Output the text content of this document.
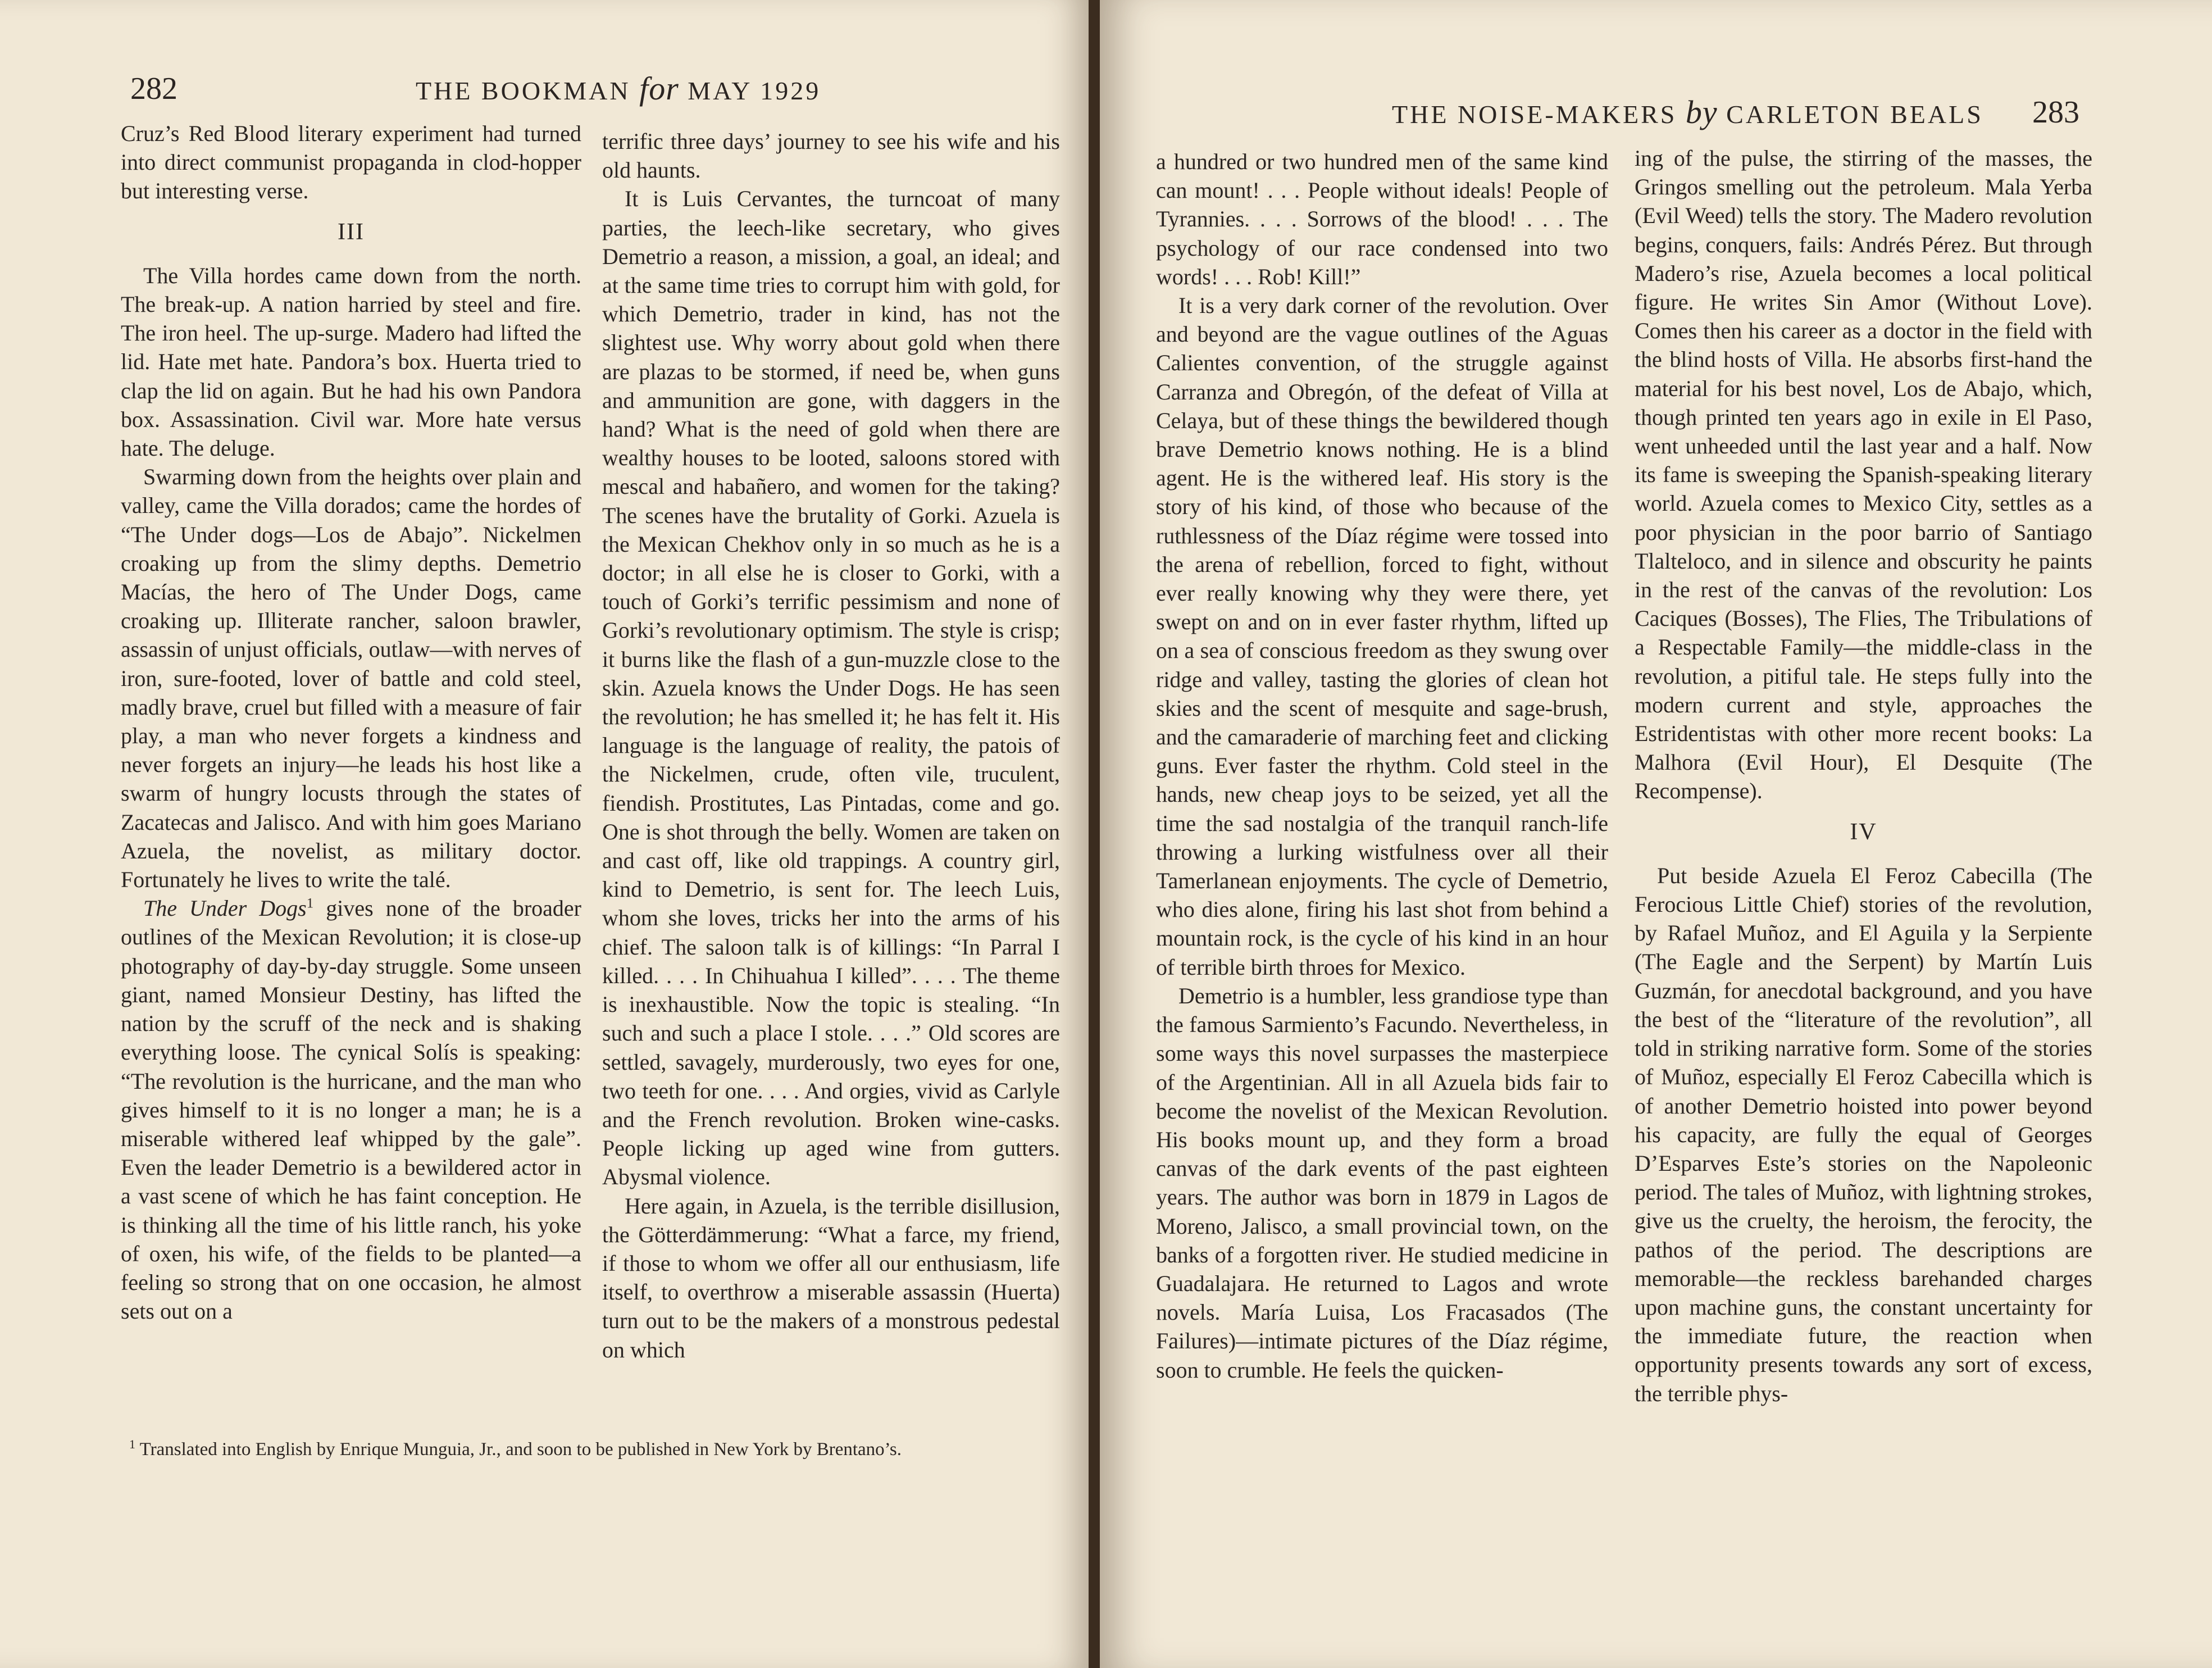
282	THE BOOKMAN for MAY 1929

Cruz’s Red Blood literary experiment had turned into direct communist propaganda in clod-hopper but interesting verse.

III

The Villa hordes came down from the north. The break-up. A nation harried by steel and fire. The iron heel. The up-surge. Madero had lifted the lid. Hate met hate. Pandora’s box. Huerta tried to clap the lid on again. But he had his own Pandora box. Assassination. Civil war. More hate versus hate. The deluge.

Swarming down from the heights over plain and valley, came the Villa dorados; came the hordes of “The Under dogs—Los de Abajo”. Nickelmen croaking up from the slimy depths. Demetrio Macías, the hero of The Under Dogs, came croaking up. Illiterate rancher, saloon brawler, assassin of unjust officials, outlaw—with nerves of iron, sure-footed, lover of battle and cold steel, madly brave, cruel but filled with a measure of fair play, a man who never forgets a kindness and never forgets an injury—he leads his host like a swarm of hungry locusts through the states of Zacatecas and Jalisco. And with him goes Mariano Azuela, the novelist, as military doctor. Fortunately he lives to write the talé.

The Under Dogs$^1$ gives none of the broader outlines of the Mexican Revolution; it is close-up photography of day-by-day struggle. Some unseen giant, named Monsieur Destiny, has lifted the nation by the scruff of the neck and is shaking everything loose. The cynical Solís is speaking: “The revolution is the hurricane, and the man who gives himself to it is no longer a man; he is a miserable withered leaf whipped by the gale”. Even the leader Demetrio is a bewildered actor in a vast scene of which he has faint conception. He is thinking all the time of his little ranch, his yoke of oxen, his wife, of the fields to be planted—a feeling so strong that on one occasion, he almost sets out on a

terrific three days’ journey to see his wife and his old haunts.

It is Luis Cervantes, the turncoat of many parties, the leech-like secretary, who gives Demetrio a reason, a mission, a goal, an ideal; and at the same time tries to corrupt him with gold, for which Demetrio, trader in kind, has not the slightest use. Why worry about gold when there are plazas to be stormed, if need be, when guns and ammunition are gone, with daggers in the hand? What is the need of gold when there are wealthy houses to be looted, saloons stored with mescal and habañero, and women for the taking? The scenes have the brutality of Gorki. Azuela is the Mexican Chekhov only in so much as he is a doctor; in all else he is closer to Gorki, with a touch of Gorki’s terrific pessimism and none of Gorki’s revolutionary optimism. The style is crisp; it burns like the flash of a gun-muzzle close to the skin. Azuela knows the Under Dogs. He has seen the revolution; he has smelled it; he has felt it. His language is the language of reality, the patois of the Nickelmen, crude, often vile, truculent, fiendish. Prostitutes, Las Pintadas, come and go. One is shot through the belly. Women are taken on and cast off, like old trappings. A country girl, kind to Demetrio, is sent for. The leech Luis, whom she loves, tricks her into the arms of his chief. The saloon talk is of killings: “In Parral I killed. . . . In Chihuahua I killed”. . . . The theme is inexhaustible. Now the topic is stealing. “In such and such a place I stole. . . .” Old scores are settled, savagely, murderously, two eyes for one, two teeth for one. . . . And orgies, vivid as Carlyle and the French revolution. Broken wine-casks. People licking up aged wine from gutters. Abysmal violence.

Here again, in Azuela, is the terrible disillusion, the Götterdämmerung: “What a farce, my friend, if those to whom we offer all our enthusiasm, life itself, to overthrow a miserable assassin (Huerta) turn out to be the makers of a monstrous pedestal on which

$^1$ Translated into English by Enrique Munguia, Jr., and soon to be published in New York by Brentano’s.
THE NOISE-MAKERS by CARLETON BEALS 283

a hundred or two hundred men of the same kind can mount! . . . People without ideals! People of Tyrannies. . . . Sorrows of the blood! . . . The psychology of our race condensed into two words! . . . Rob! Kill!”

It is a very dark corner of the revolution. Over and beyond are the vague outlines of the Aguas Calientes convention, of the struggle against Carranza and Obregón, of the defeat of Villa at Celaya, but of these things the bewildered though brave Demetrio knows nothing. He is a blind agent. He is the withered leaf. His story is the story of his kind, of those who because of the ruthlessness of the Díaz régime were tossed into the arena of rebellion, forced to fight, without ever really knowing why they were there, yet swept on and on in ever faster rhythm, lifted up on a sea of conscious freedom as they swung over ridge and valley, tasting the glories of clean hot skies and the scent of mesquite and sage-brush, and the camaraderie of marching feet and clicking guns. Ever faster the rhythm. Cold steel in the hands, new cheap joys to be seized, yet all the time the sad nostalgia of the tranquil ranch-life throwing a lurking wistfulness over all their Tamerlanean enjoyments. The cycle of Demetrio, who dies alone, firing his last shot from behind a mountain rock, is the cycle of his kind in an hour of terrible birth throes for Mexico.

Demetrio is a humbler, less grandiose type than the famous Sarmiento’s Facundo. Nevertheless, in some ways this novel surpasses the masterpiece of the Argentinian. All in all Azuela bids fair to become the novelist of the Mexican Revolution. His books mount up, and they form a broad canvas of the dark events of the past eighteen years. The author was born in 1879 in Lagos de Moreno, Jalisco, a small provincial town, on the banks of a forgotten river. He studied medicine in Guadalajara. He returned to Lagos and wrote novels. María Luisa, Los Fracasados (The Failures)—intimate pictures of the Díaz régime, soon to crumble. He feels the quicken-

ing of the pulse, the stirring of the masses, the Gringos smelling out the petroleum. Mala Yerba (Evil Weed) tells the story. The Madero revolution begins, conquers, fails: Andrés Pérez. But through Madero’s rise, Azuela becomes a local political figure. He writes Sin Amor (Without Love). Comes then his career as a doctor in the field with the blind hosts of Villa. He absorbs first-hand the material for his best novel, Los de Abajo, which, though printed ten years ago in exile in El Paso, went unheeded until the last year and a half. Now its fame is sweeping the Spanish-speaking literary world. Azuela comes to Mexico City, settles as a poor physician in the poor barrio of Santiago Tlalteloco, and in silence and obscurity he paints in the rest of the canvas of the revolution: Los Caciques (Bosses), The Flies, The Tribulations of a Respectable Family—the middle-class in the revolution, a pitiful tale. He steps fully into the modern current and style, approaches the Estridentistas with other more recent books: La Malhora (Evil Hour), El Desquite (The Recompense).

IV

Put beside Azuela El Feroz Cabecilla (The Ferocious Little Chief) stories of the revolution, by Rafael Muñoz, and El Aguila y la Serpiente (The Eagle and the Serpent) by Martín Luis Guzmán, for anecdotal background, and you have the best of the “literature of the revolution”, all told in striking narrative form. Some of the stories of Muñoz, especially El Feroz Cabecilla which is of another Demetrio hoisted into power beyond his capacity, are fully the equal of Georges D’Esparves Este’s stories on the Napoleonic period. The tales of Muñoz, with lightning strokes, give us the cruelty, the heroism, the ferocity, the pathos of the period. The descriptions are memorable—the reckless barehanded charges upon machine guns, the constant uncertainty for the immediate future, the reaction when opportunity presents towards any sort of excess, the terrible phys-
